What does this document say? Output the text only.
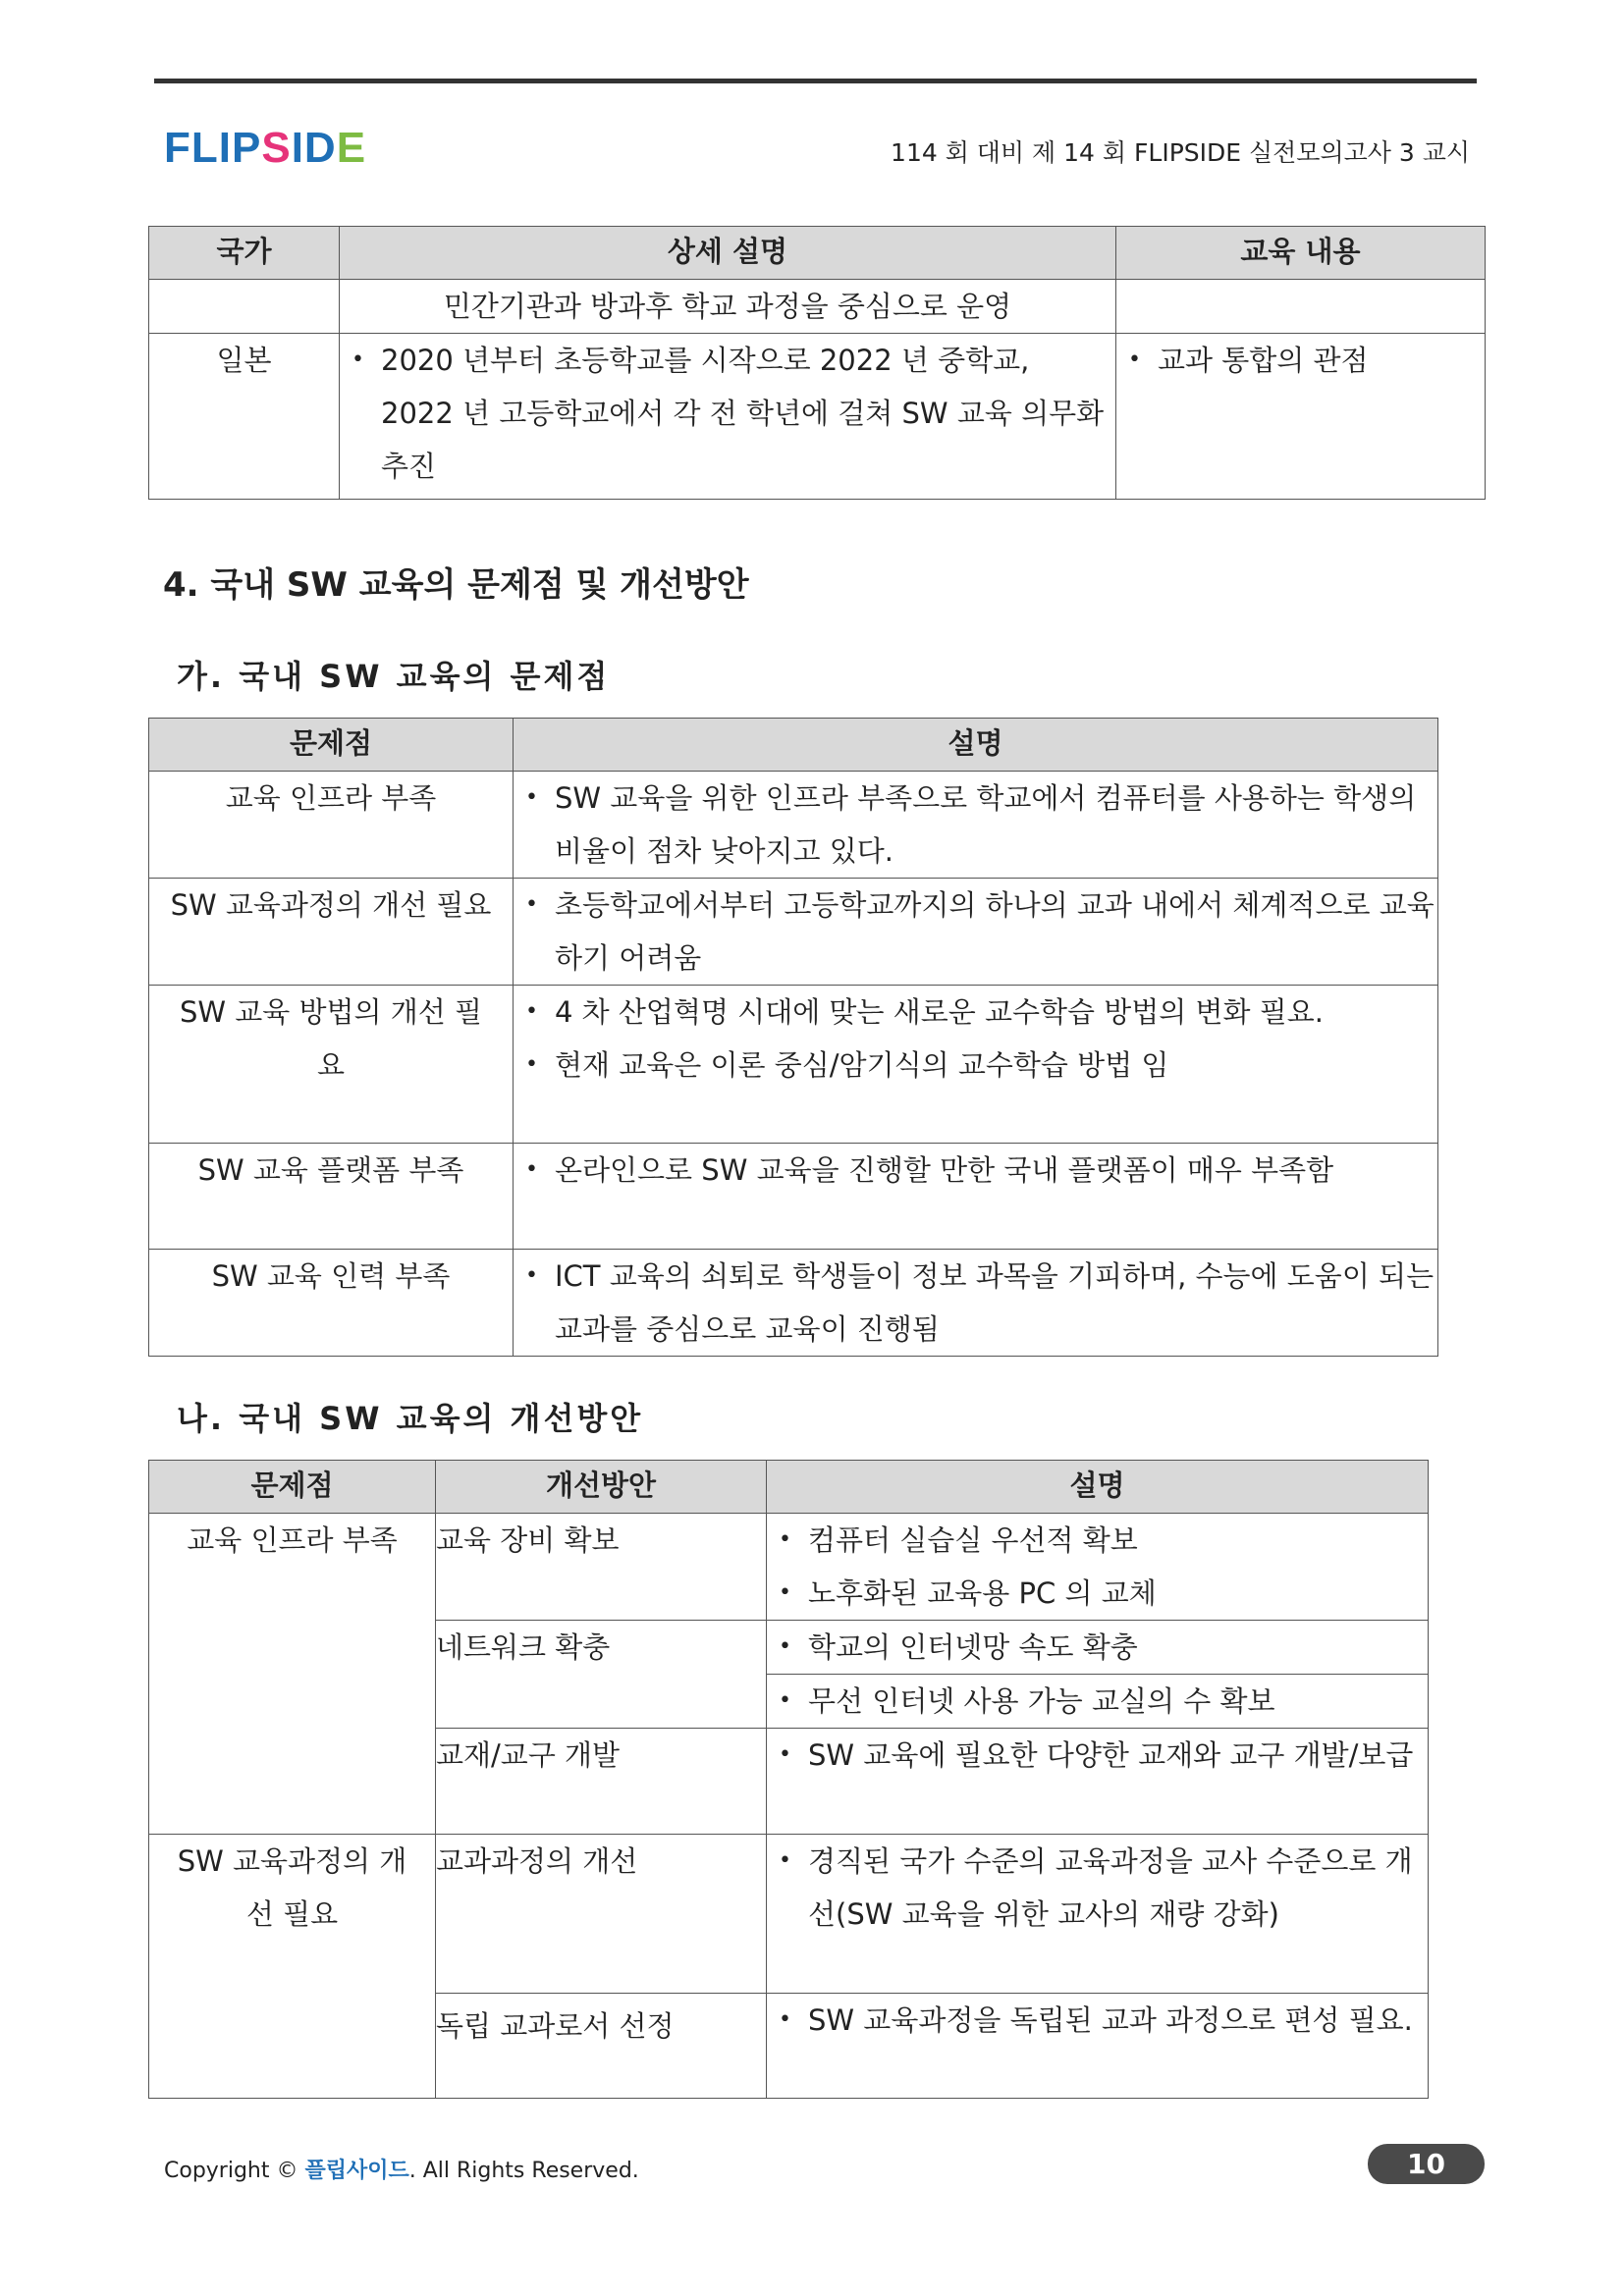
FLIPSIDE	114 회 대비 제 14 회 FLIPSIDE 실전모의고사 3 교시
국가	상세 설명	교육 내용
	민간기관과 방과후 학교 과정을 중심으로 운영	
일본	• 2020 년부터 초등학교를 시작으로 2022 년 중학교, 2022 년 고등학교에서 각 전 학년에 걸쳐 SW 교육 의무화 추진	• 교과 통합의 관점
4. 국내 SW 교육의 문제점 및 개선방안
가. 국내 SW 교육의 문제점
문제점	설명
교육 인프라 부족	• SW 교육을 위한 인프라 부족으로 학교에서 컴퓨터를 사용하는 학생의 비율이 점차 낮아지고 있다.

SW 교육과정의 개선 필요	• 초등학교에서부터 고등학교까지의 하나의 교과 내에서 체계적으로 교육하기 어려움

SW 교육 방법의 개선 필요	• 4 차 산업혁명 시대에 맞는 새로운 교수학습 방법의 변화 필요.
• 현재 교육은 이론 중심/암기식의 교수학습 방법 임

SW 교육 플랫폼 부족	• 온라인으로 SW 교육을 진행할 만한 국내 플랫폼이 매우 부족함

SW 교육 인력 부족	• ICT 교육의 쇠퇴로 학생들이 정보 과목을 기피하며, 수능에 도움이 되는 교과를 중심으로 교육이 진행됨
나. 국내 SW 교육의 개선방안
문제점	개선방안	설명
교육 인프라 부족	교육 장비 확보	• 컴퓨터 실습실 우선적 확보
• 노후화된 교육용 PC 의 교체

	네트워크 확충	• 학교의 인터넷망 속도 확충

• 무선 인터넷 사용 가능 교실의 수 확보

	교재/교구 개발	• SW 교육에 필요한 다양한 교재와 교구 개발/보급

SW 교육과정의 개선 필요	교과과정의 개선	• 경직된 국가 수준의 교육과정을 교사 수준으로 개선(SW 교육을 위한 교사의 재량 강화)

	독립 교과로서 선정	• SW 교육과정을 독립된 교과 과정으로 편성 필요.
Copyright © 플립사이드. All Rights Reserved.	10
